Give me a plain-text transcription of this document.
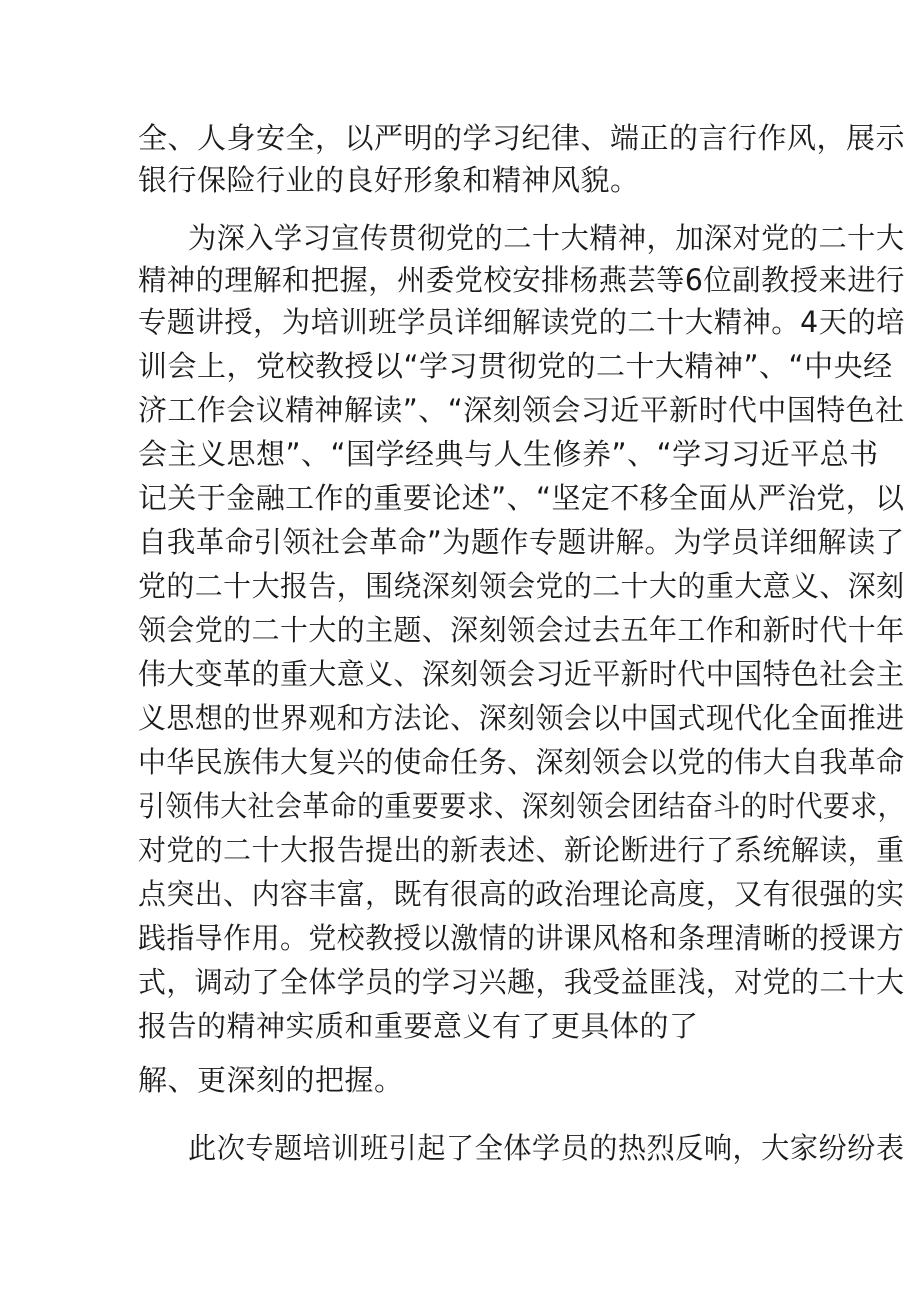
全、人身安全，以严明的学习纪律、端正的言行作风，展示
银行保险行业的良好形象和精神风貌。
为深入学习宣传贯彻党的二十大精神，加深对党的二十大
精神的理解和把握，州委党校安排杨燕芸等6位副教授来进行
专题讲授，为培训班学员详细解读党的二十大精神。4天的培
训会上，党校教授以“学习贯彻党的二十大精神”、“中央经
济工作会议精神解读”、“深刻领会习近平新时代中国特色社
会主义思想”、“国学经典与人生修养”、“学习习近平总书
记关于金融工作的重要论述”、“坚定不移全面从严治党，以
自我革命引领社会革命”为题作专题讲解。为学员详细解读了
党的二十大报告，围绕深刻领会党的二十大的重大意义、深刻
领会党的二十大的主题、深刻领会过去五年工作和新时代十年
伟大变革的重大意义、深刻领会习近平新时代中国特色社会主
义思想的世界观和方法论、深刻领会以中国式现代化全面推进
中华民族伟大复兴的使命任务、深刻领会以党的伟大自我革命
引领伟大社会革命的重要要求、深刻领会团结奋斗的时代要求，
对党的二十大报告提出的新表述、新论断进行了系统解读，重
点突出、内容丰富，既有很高的政治理论高度，又有很强的实
践指导作用。党校教授以激情的讲课风格和条理清晰的授课方
式，调动了全体学员的学习兴趣，我受益匪浅，对党的二十大
报告的精神实质和重要意义有了更具体的了
解、更深刻的把握。
此次专题培训班引起了全体学员的热烈反响，大家纷纷表
